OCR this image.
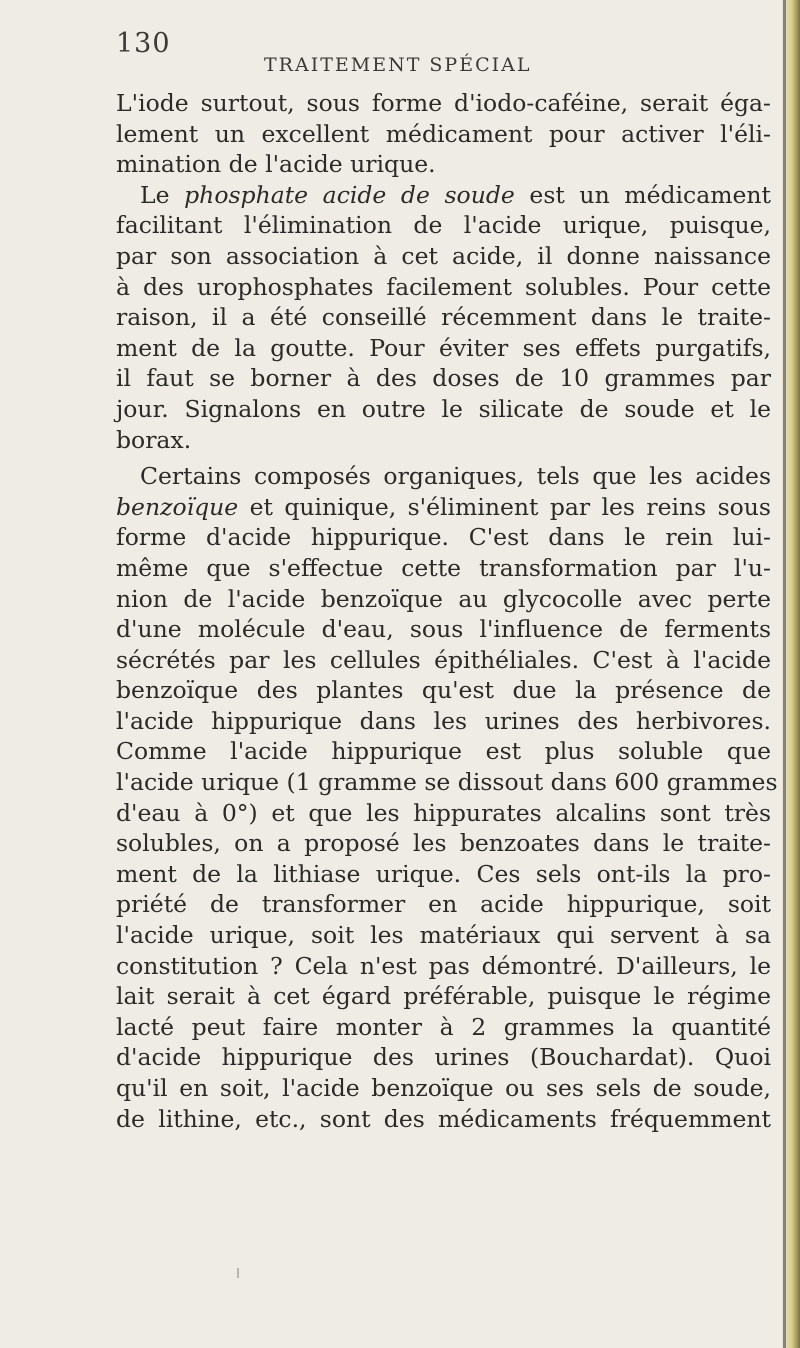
130
TRAITEMENT SPÉCIAL
L'iode surtout, sous forme d'iodo-caféine, serait éga-
lement un excellent médicament pour activer l'éli-
mination de l'acide urique.
Le phosphate acide de soude est un médicament
facilitant l'élimination de l'acide urique, puisque,
par son association à cet acide, il donne naissance
à des urophosphates facilement solubles. Pour cette
raison, il a été conseillé récemment dans le traite-
ment de la goutte. Pour éviter ses effets purgatifs,
il faut se borner à des doses de 10 grammes par
jour. Signalons en outre le silicate de soude et le
borax.
Certains composés organiques, tels que les acides
benzoïque et quinique, s'éliminent par les reins sous
forme d'acide hippurique. C'est dans le rein lui-
même que s'effectue cette transformation par l'u-
nion de l'acide benzoïque au glycocolle avec perte
d'une molécule d'eau, sous l'influence de ferments
sécrétés par les cellules épithéliales. C'est à l'acide
benzoïque des plantes qu'est due la présence de
l'acide hippurique dans les urines des herbivores.
Comme l'acide hippurique est plus soluble que
l'acide urique (1 gramme se dissout dans 600 grammes
d'eau à 0°) et que les hippurates alcalins sont très
solubles, on a proposé les benzoates dans le traite-
ment de la lithiase urique. Ces sels ont-ils la pro-
priété de transformer en acide hippurique, soit
l'acide urique, soit les matériaux qui servent à sa
constitution ? Cela n'est pas démontré. D'ailleurs, le
lait serait à cet égard préférable, puisque le régime
lacté peut faire monter à 2 grammes la quantité
d'acide hippurique des urines (Bouchardat). Quoi
qu'il en soit, l'acide benzoïque ou ses sels de soude,
de lithine, etc., sont des médicaments fréquemment
